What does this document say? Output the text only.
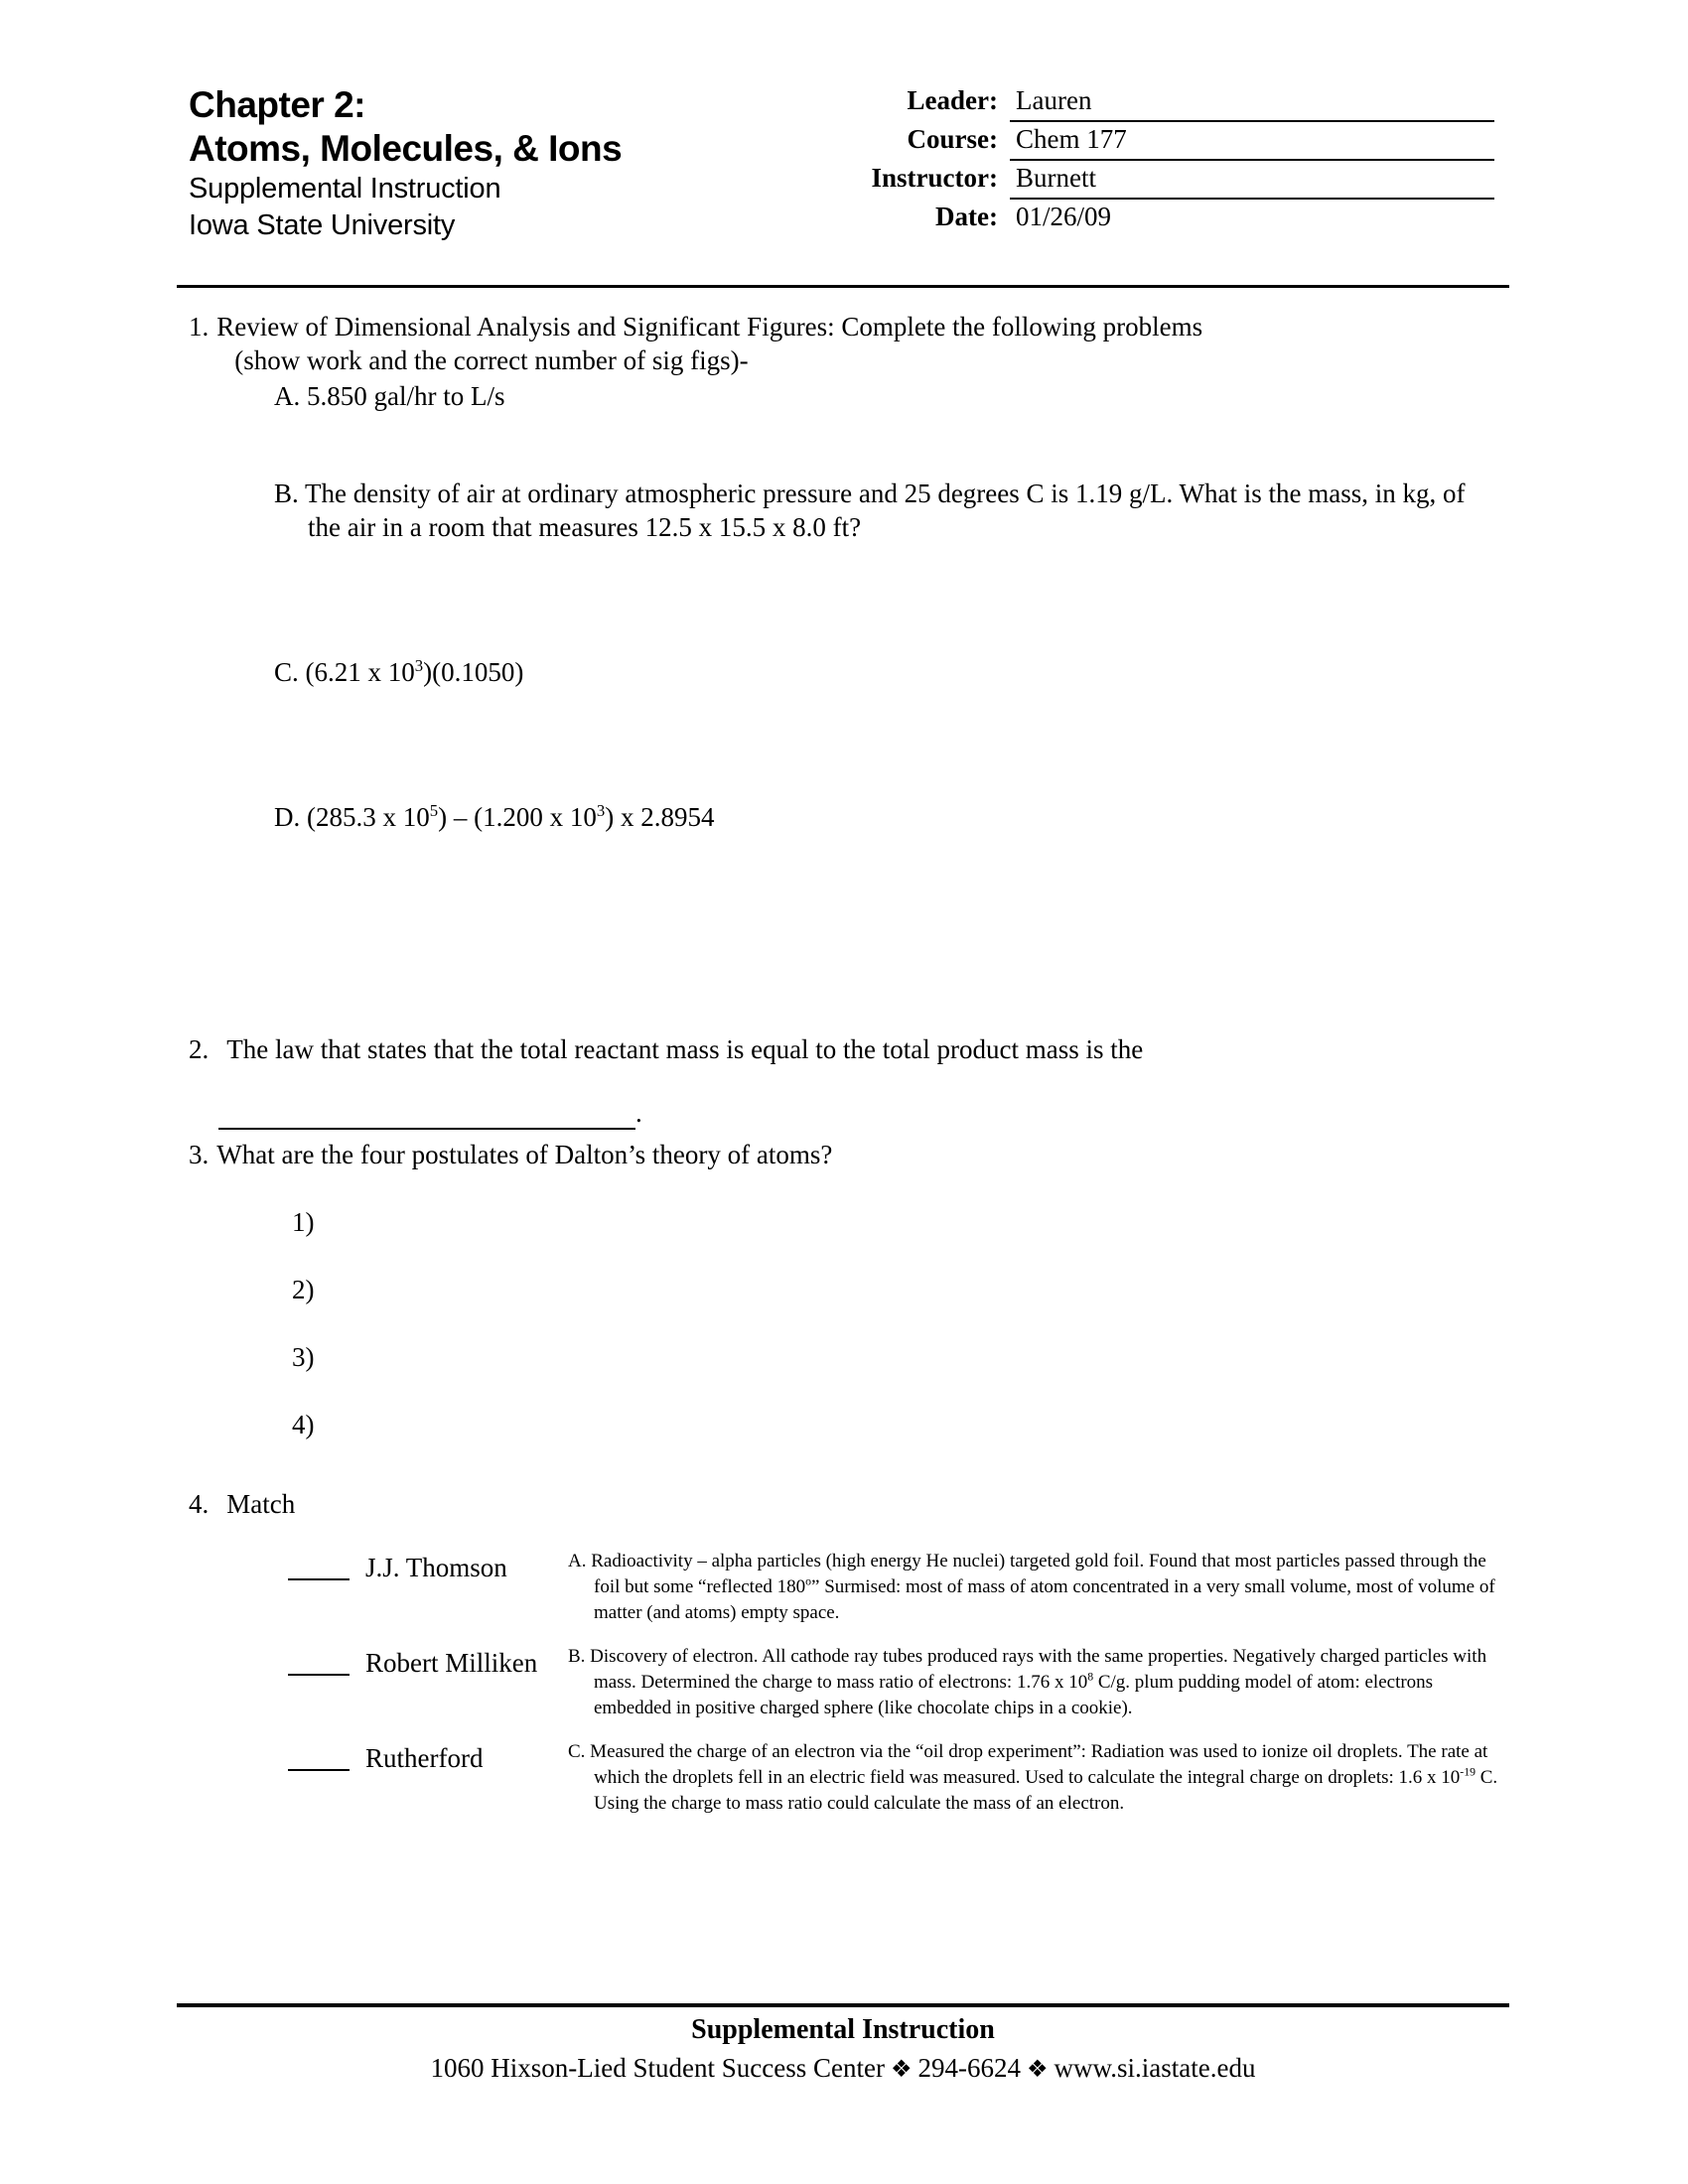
Chapter 2:
Atoms, Molecules, & Ions
Supplemental Instruction
Iowa State University
Leader: Lauren
Course: Chem 177
Instructor: Burnett
Date: 01/26/09
1. Review of Dimensional Analysis and Significant Figures: Complete the following problems
(show work and the correct number of sig figs)-
A. 5.850 gal/hr to L/s
B. The density of air at ordinary atmospheric pressure and 25 degrees C is 1.19 g/L. What is the mass, in kg, of the air in a room that measures 12.5 x 15.5 x 8.0 ft?
C. (6.21 x $10^3)(0.1050)$
D. (285.3 x $10^5) - (1.200$ x $10^3$) x 2.8954
2. The law that states that the total reactant mass is equal to the total product mass is the
.
3. What are the four postulates of Dalton’s theory of atoms?
1)
2)
3)
4)
4. Match
J.J. Thomson	A. Radioactivity – alpha particles (high energy He nuclei) targeted gold foil. Found that most particles passed through the foil but some “reflected 180$^o$” Surmised: most of mass of atom concentrated in a very small volume, most of volume of matter (and atoms) empty space.
Robert Milliken B. Discovery of electron. All cathode ray tubes produced rays with the same properties. Negatively charged particles with mass. Determined the charge to mass ratio of electrons: 1.76 x $10^8$ C/g. plum pudding model of atom: electrons embedded in positive charged sphere (like chocolate chips in a cookie).
Rutherford	C. Measured the charge of an electron via the “oil drop experiment”: Radiation was used to ionize oil droplets. The rate at which the droplets fell in an electric field was measured. Used to calculate the integral charge on droplets: 1.6 x $10^{-19}$ C. Using the charge to mass ratio could calculate the mass of an electron.
Supplemental Instruction
1060 Hixson-Lied Student Success Center ❖ 294-6624 ❖ www.si.iastate.edu
